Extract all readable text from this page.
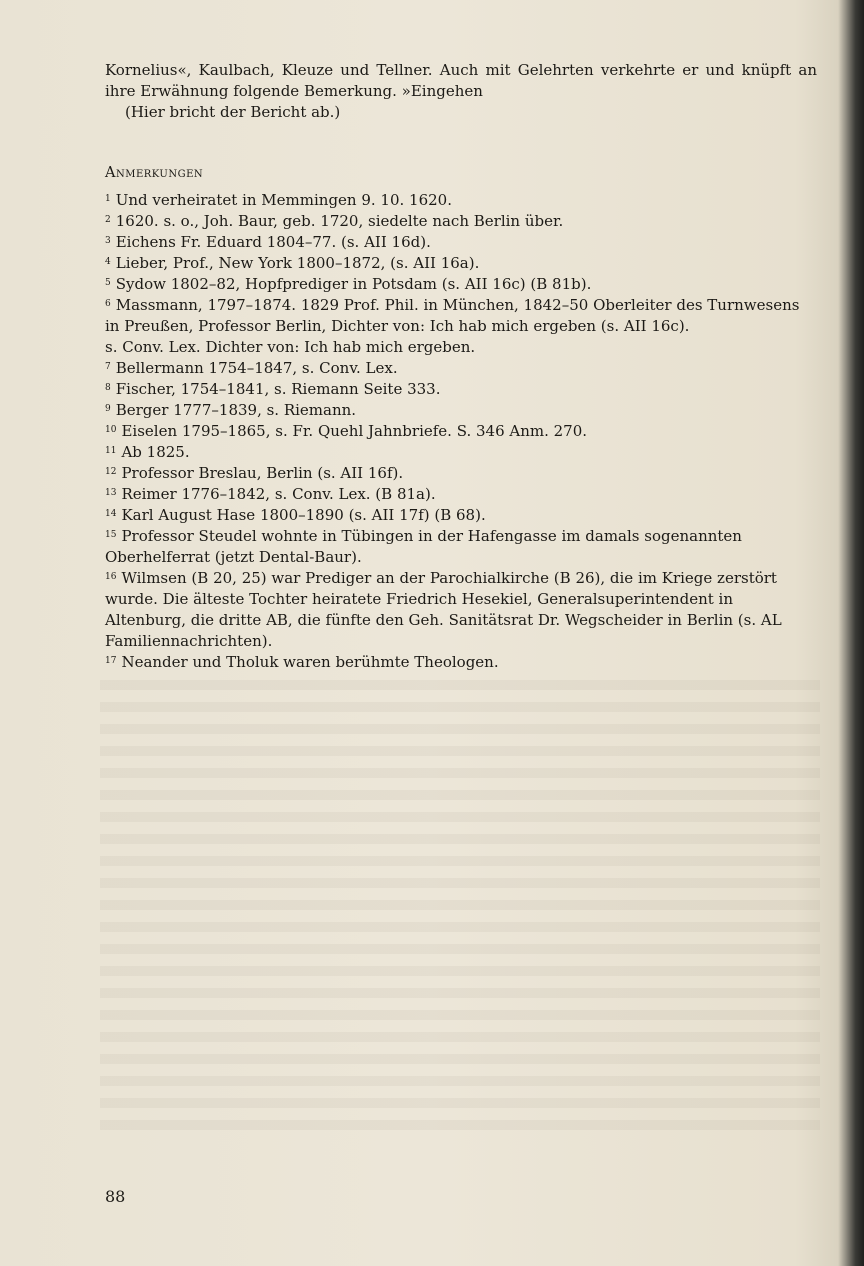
Kornelius«, Kaulbach, Kleuze und Tellner. Auch mit Gelehrten verkehrte er und knüpft an ihre Erwähnung folgende Bemerkung. »Eingehen

(Hier bricht der Bericht ab.)

Anmerkungen

$^1$ Und verheiratet in Memmingen 9. 10. 1620.

$^2$ 1620. s. o., Joh. Baur, geb. 1720, siedelte nach Berlin über.

$^3$ Eichens Fr. Eduard 1804–77. (s. AII 16d).

$^4$ Lieber, Prof., New York 1800–1872, (s. AII 16a).

$^5$ Sydow 1802–82, Hopfprediger in Potsdam (s. AII 16c) (B 81b).

$^6$ Massmann, 1797–1874. 1829 Prof. Phil. in München, 1842–50 Oberleiter des Turnwesens in Preußen, Professor Berlin, Dichter von: Ich hab mich ergeben (s. AII 16c).

s. Conv. Lex. Dichter von: Ich hab mich ergeben.

$^7$ Bellermann 1754–1847, s. Conv. Lex.

$^8$ Fischer, 1754–1841, s. Riemann Seite 333.

$^9$ Berger 1777–1839, s. Riemann.

$^{10}$ Eiselen 1795–1865, s. Fr. Quehl Jahnbriefe. S. 346 Anm. 270.

$^{11}$ Ab 1825.

$^{12}$ Professor Breslau, Berlin (s. AII 16f).

$^{13}$ Reimer 1776–1842, s. Conv. Lex. (B 81a).

$^{14}$ Karl August Hase 1800–1890 (s. AII 17f) (B 68).

$^{15}$ Professor Steudel wohnte in Tübingen in der Hafengasse im damals sogenannten Oberhelferrat (jetzt Dental-Baur).

$^{16}$ Wilmsen (B 20, 25) war Prediger an der Parochialkirche (B 26), die im Kriege zerstört wurde. Die älteste Tochter heiratete Friedrich Hesekiel, Generalsuperintendent in Altenburg, die dritte AB, die fünfte den Geh. Sanitätsrat Dr. Wegscheider in Berlin (s. AL Familiennachrichten).

$^{17}$ Neander und Tholuk waren berühmte Theologen.

88
